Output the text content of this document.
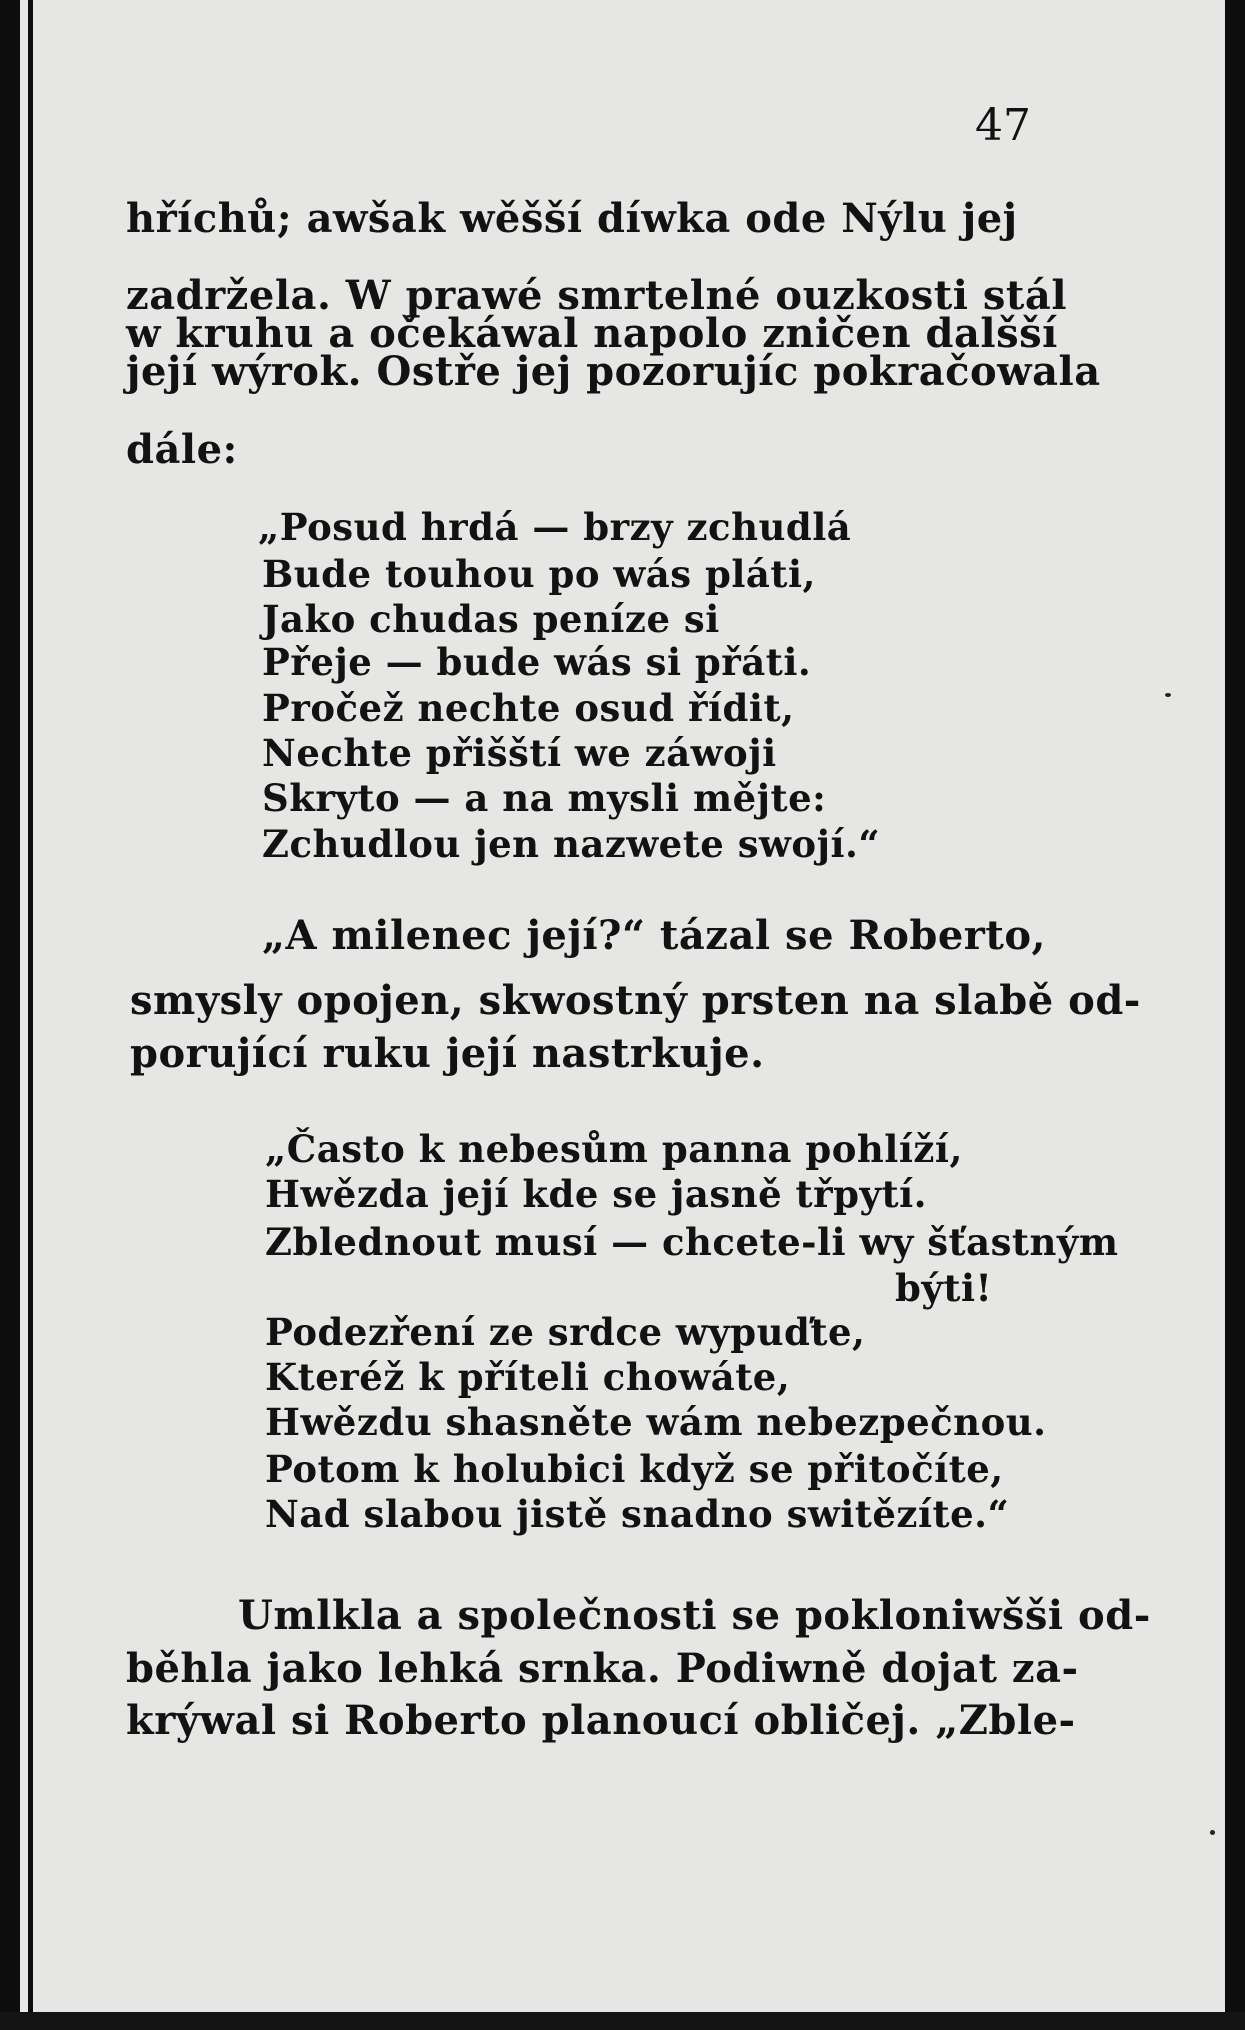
47
hříchů; awšak wěšší díwka ode Nýlu jej
zadržela. W prawé smrtelné ouzkosti stál
w kruhu a očekáwal napolo zničen dalšší
její wýrok. Ostře jej pozorujíc pokračowala
dále:
„Posud hrdá — brzy zchudlá
Bude touhou po wás pláti,
Jako chudas peníze si
Přeje — bude wás si přáti.
Pročež nechte osud řídit,
Nechte přišští we záwoji
Skryto — a na mysli mějte:
Zchudlou jen nazwete swojí.“
„A milenec její?“ tázal se Roberto,
smysly opojen, skwostný prsten na slabě od-
porující ruku její nastrkuje.
„Často k nebesům panna pohlíží,
Hwězda její kde se jasně třpytí.
Zblednout musí — chcete-li wy šťastným
býti!
Podezření ze srdce wypuďte,
Kteréž k příteli chowáte,
Hwězdu shasněte wám nebezpečnou.
Potom k holubici když se přitočíte,
Nad slabou jistě snadno switězíte.“
Umlkla a společnosti se pokloniwšši od-
běhla jako lehká srnka. Podiwně dojat za-
krýwal si Roberto planoucí obličej. „Zble-
